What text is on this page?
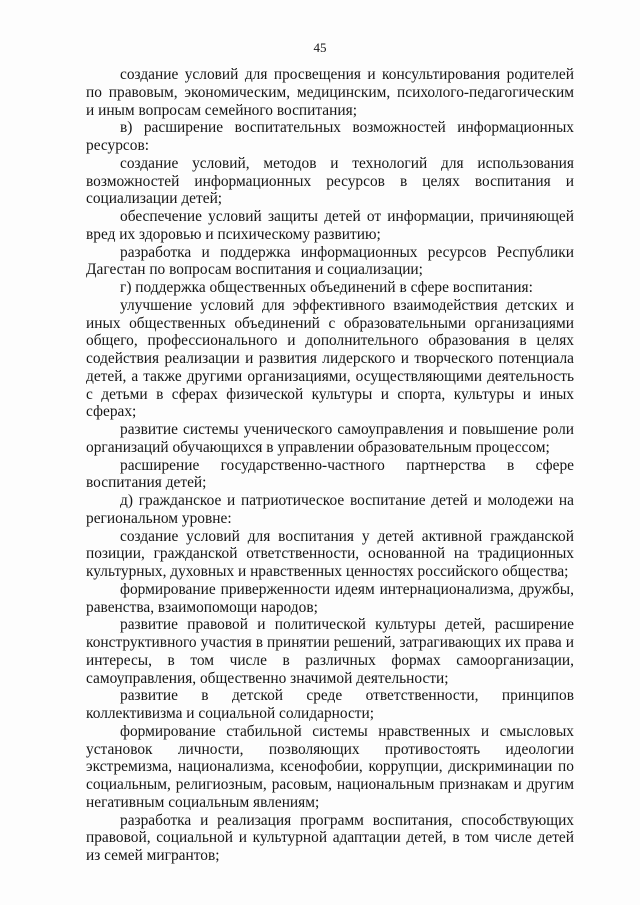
45

создание условий для просвещения и консультирования родителей по правовым, экономическим, медицинским, психолого-педагогическим и иным вопросам семейного воспитания;

в) расширение воспитательных возможностей информационных ресурсов:

создание условий, методов и технологий для использования возможностей информационных ресурсов в целях воспитания и социализации детей;

обеспечение условий защиты детей от информации, причиняющей вред их здоровью и психическому развитию;

разработка и поддержка информационных ресурсов Республики Дагестан по вопросам воспитания и социализации;

г) поддержка общественных объединений в сфере воспитания:

улучшение условий для эффективного взаимодействия детских и иных общественных объединений с образовательными организациями общего, профессионального и дополнительного образования в целях содействия реализации и развития лидерского и творческого потенциала детей, а также другими организациями, осуществляющими деятельность с детьми в сферах физической культуры и спорта, культуры и иных сферах;

развитие системы ученического самоуправления и повышение роли организаций обучающихся в управлении образовательным процессом;

расширение государственно-частного партнерства в сфере воспитания детей;

д) гражданское и патриотическое воспитание детей и молодежи на региональном уровне:

создание условий для воспитания у детей активной гражданской позиции, гражданской ответственности, основанной на традиционных культурных, духовных и нравственных ценностях российского общества;

формирование приверженности идеям интернационализма, дружбы, равенства, взаимопомощи народов;

развитие правовой и политической культуры детей, расширение конструктивного участия в принятии решений, затрагивающих их права и интересы, в том числе в различных формах самоорганизации, самоуправления, общественно значимой деятельности;

развитие в детской среде ответственности, принципов коллективизма и социальной солидарности;

формирование стабильной системы нравственных и смысловых установок личности, позволяющих противостоять идеологии экстремизма, национализма, ксенофобии, коррупции, дискриминации по социальным, религиозным, расовым, национальным признакам и другим негативным социальным явлениям;

разработка и реализация программ воспитания, способствующих правовой, социальной и культурной адаптации детей, в том числе детей из семей мигрантов;
